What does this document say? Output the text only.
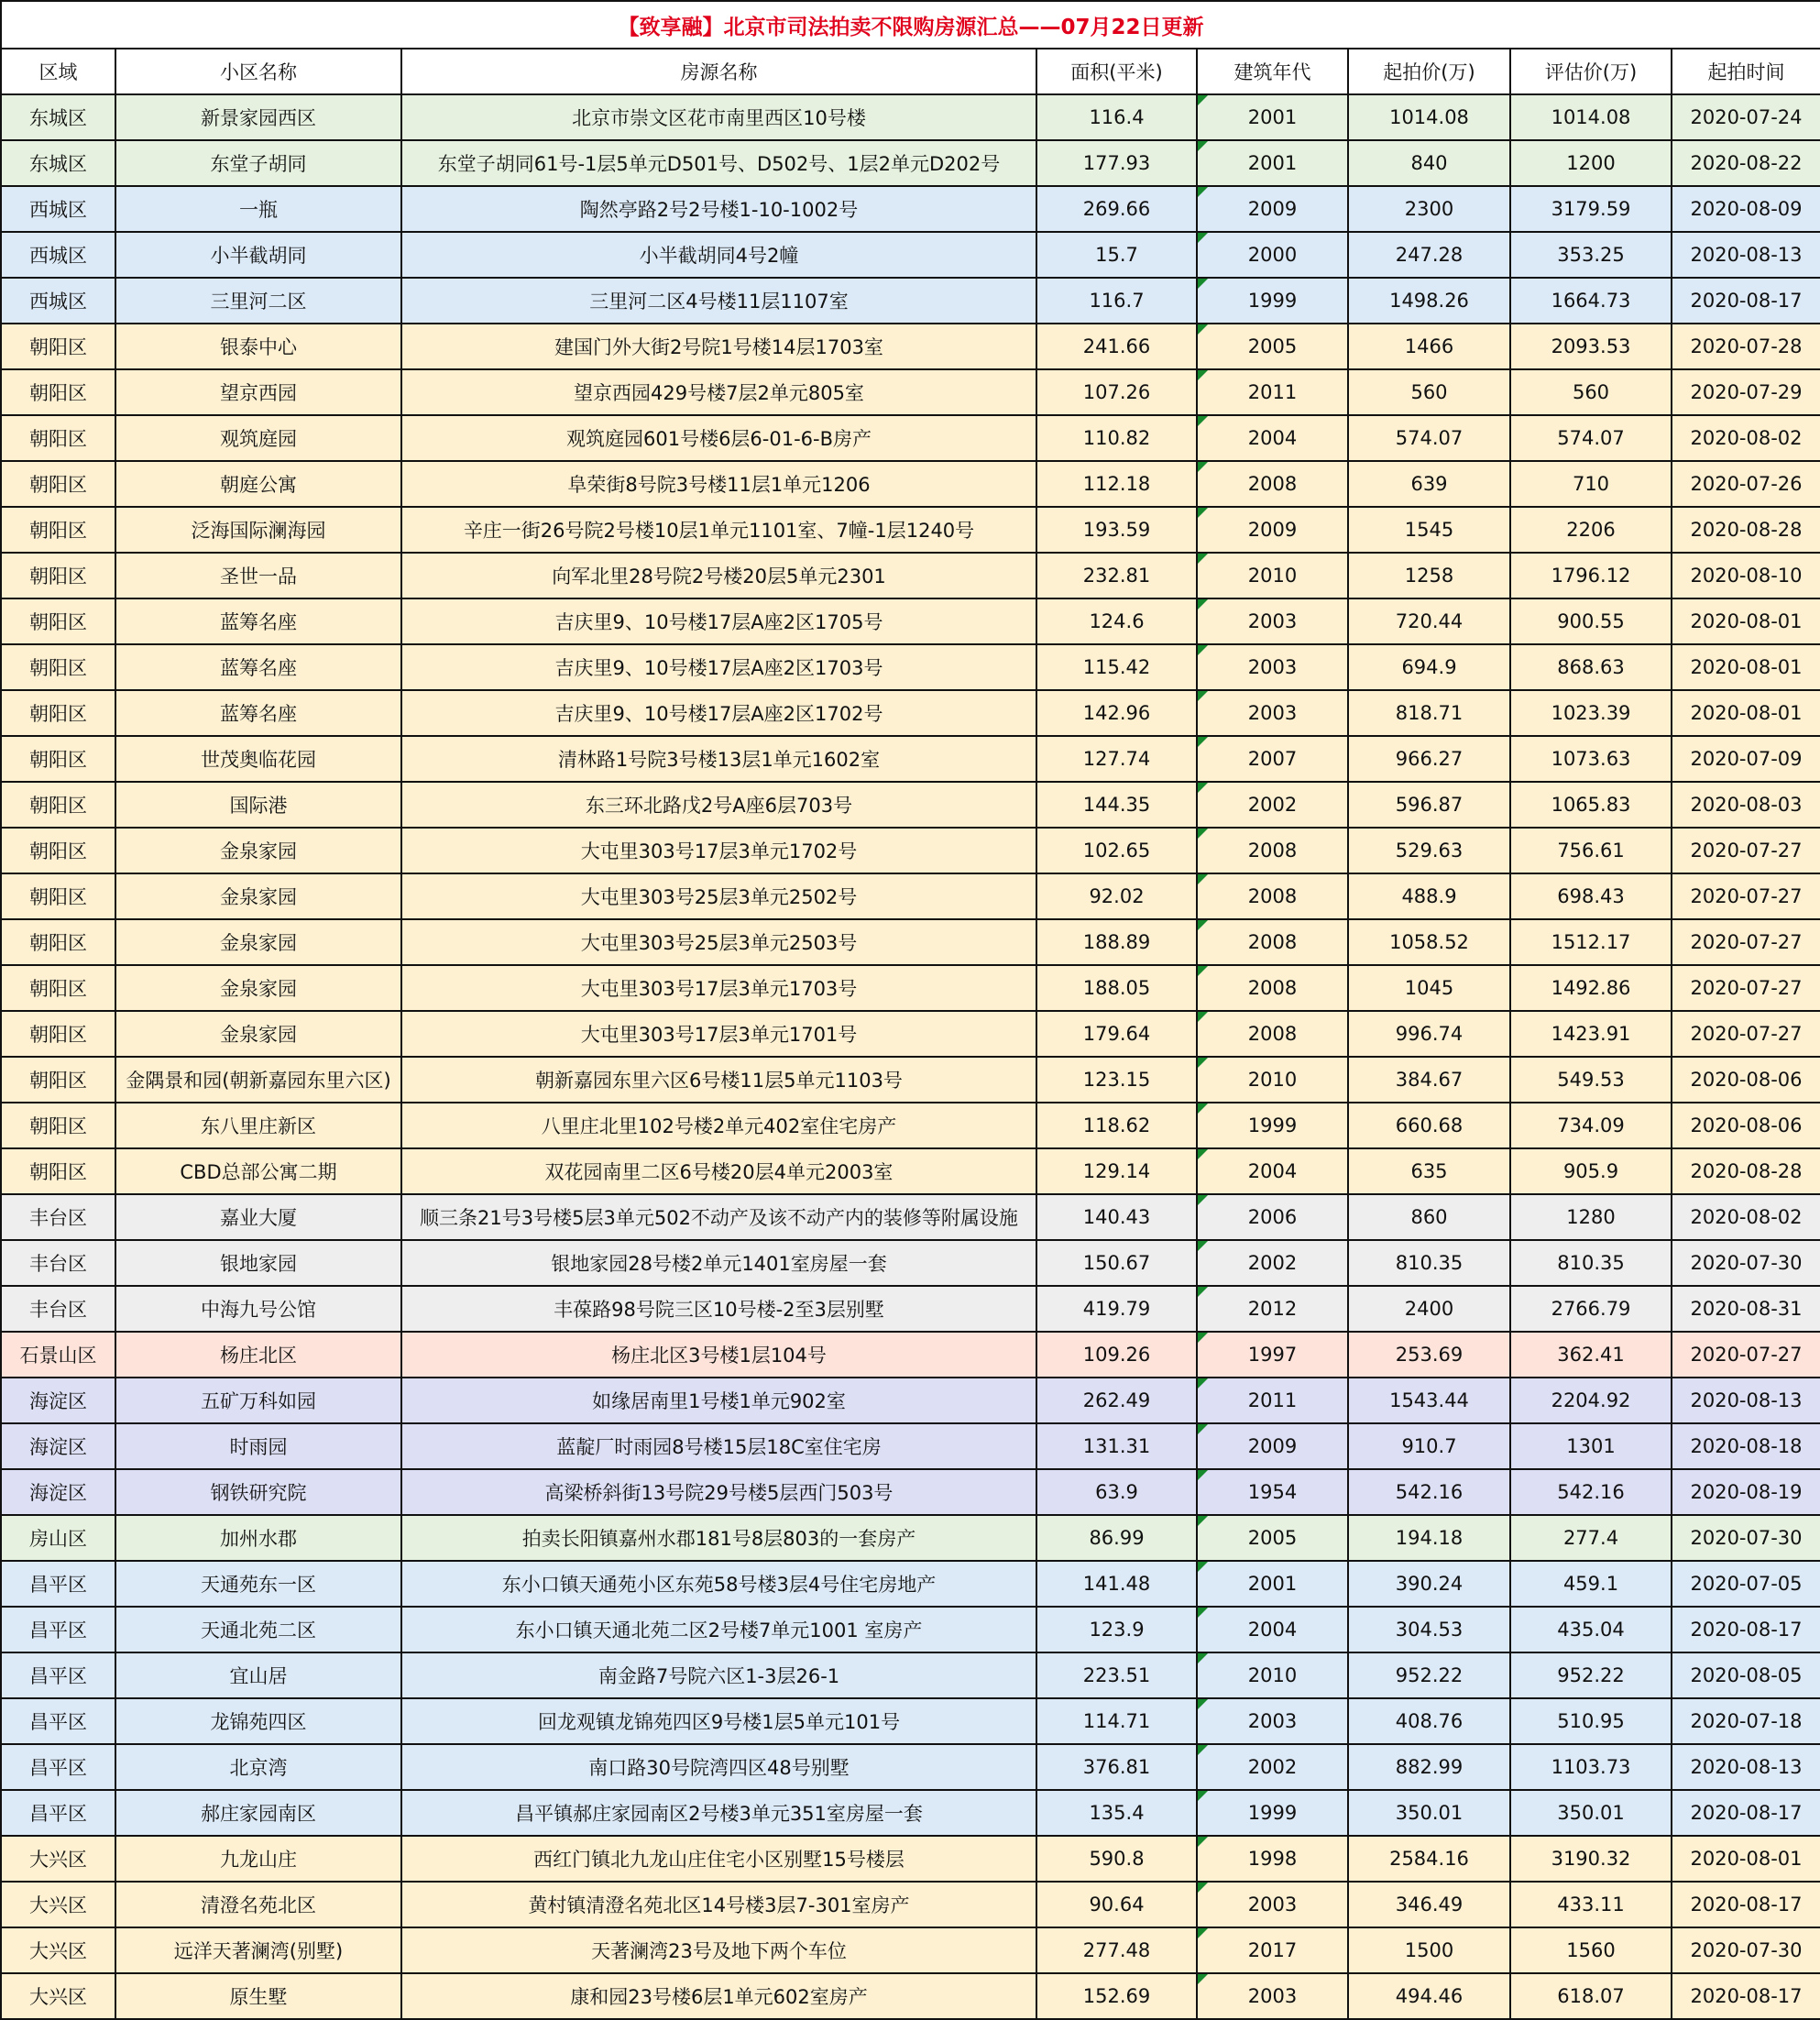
【致享融】北京市司法拍卖不限购房源汇总——07月22日更新							
区域	小区名称	房源名称	面积(平米)	建筑年代	起拍价(万)	评估价(万)	起拍时间
东城区	新景家园西区	北京市崇文区花市南里西区10号楼	116.4	2001	1014.08	1014.08	2020-07-24
东城区	东堂子胡同	东堂子胡同61号-1层5单元D501号、D502号、1层2单元D202号	177.93	2001	840	1200	2020-08-22
西城区	一瓶	陶然亭路2号2号楼1-10-1002号	269.66	2009	2300	3179.59	2020-08-09
西城区	小半截胡同	小半截胡同4号2幢	15.7	2000	247.28	353.25	2020-08-13
西城区	三里河二区	三里河二区4号楼11层1107室	116.7	1999	1498.26	1664.73	2020-08-17
朝阳区	银泰中心	建国门外大街2号院1号楼14层1703室	241.66	2005	1466	2093.53	2020-07-28
朝阳区	望京西园	望京西园429号楼7层2单元805室	107.26	2011	560	560	2020-07-29
朝阳区	观筑庭园	观筑庭园601号楼6层6-01-6-B房产	110.82	2004	574.07	574.07	2020-08-02
朝阳区	朝庭公寓	阜荣街8号院3号楼11层1单元1206	112.18	2008	639	710	2020-07-26
朝阳区	泛海国际澜海园	辛庄一街26号院2号楼10层1单元1101室、7幢-1层1240号	193.59	2009	1545	2206	2020-08-28
朝阳区	圣世一品	向军北里28号院2号楼20层5单元2301	232.81	2010	1258	1796.12	2020-08-10
朝阳区	蓝筹名座	吉庆里9、10号楼17层A座2区1705号	124.6	2003	720.44	900.55	2020-08-01
朝阳区	蓝筹名座	吉庆里9、10号楼17层A座2区1703号	115.42	2003	694.9	868.63	2020-08-01
朝阳区	蓝筹名座	吉庆里9、10号楼17层A座2区1702号	142.96	2003	818.71	1023.39	2020-08-01
朝阳区	世茂奥临花园	清林路1号院3号楼13层1单元1602室	127.74	2007	966.27	1073.63	2020-07-09
朝阳区	国际港	东三环北路戊2号A座6层703号	144.35	2002	596.87	1065.83	2020-08-03
朝阳区	金泉家园	大屯里303号17层3单元1702号	102.65	2008	529.63	756.61	2020-07-27
朝阳区	金泉家园	大屯里303号25层3单元2502号	92.02	2008	488.9	698.43	2020-07-27
朝阳区	金泉家园	大屯里303号25层3单元2503号	188.89	2008	1058.52	1512.17	2020-07-27
朝阳区	金泉家园	大屯里303号17层3单元1703号	188.05	2008	1045	1492.86	2020-07-27
朝阳区	金泉家园	大屯里303号17层3单元1701号	179.64	2008	996.74	1423.91	2020-07-27
朝阳区	金隅景和园(朝新嘉园东里六区)	朝新嘉园东里六区6号楼11层5单元1103号	123.15	2010	384.67	549.53	2020-08-06
朝阳区	东八里庄新区	八里庄北里102号楼2单元402室住宅房产	118.62	1999	660.68	734.09	2020-08-06
朝阳区	CBD总部公寓二期	双花园南里二区6号楼20层4单元2003室	129.14	2004	635	905.9	2020-08-28
丰台区	嘉业大厦	顺三条21号3号楼5层3单元502不动产及该不动产内的装修等附属设施	140.43	2006	860	1280	2020-08-02
丰台区	银地家园	银地家园28号楼2单元1401室房屋一套	150.67	2002	810.35	810.35	2020-07-30
丰台区	中海九号公馆	丰葆路98号院三区10号楼-2至3层别墅	419.79	2012	2400	2766.79	2020-08-31
石景山区	杨庄北区	杨庄北区3号楼1层104号	109.26	1997	253.69	362.41	2020-07-27
海淀区	五矿万科如园	如缘居南里1号楼1单元902室	262.49	2011	1543.44	2204.92	2020-08-13
海淀区	时雨园	蓝靛厂时雨园8号楼15层18C室住宅房	131.31	2009	910.7	1301	2020-08-18
海淀区	钢铁研究院	高梁桥斜街13号院29号楼5层西门503号	63.9	1954	542.16	542.16	2020-08-19
房山区	加州水郡	拍卖长阳镇嘉州水郡181号8层803的一套房产	86.99	2005	194.18	277.4	2020-07-30
昌平区	天通苑东一区	东小口镇天通苑小区东苑58号楼3层4号住宅房地产	141.48	2001	390.24	459.1	2020-07-05
昌平区	天通北苑二区	东小口镇天通北苑二区2号楼7单元1001 室房产	123.9	2004	304.53	435.04	2020-08-17
昌平区	宜山居	南金路7号院六区1-3层26-1	223.51	2010	952.22	952.22	2020-08-05
昌平区	龙锦苑四区	回龙观镇龙锦苑四区9号楼1层5单元101号	114.71	2003	408.76	510.95	2020-07-18
昌平区	北京湾	南口路30号院湾四区48号别墅	376.81	2002	882.99	1103.73	2020-08-13
昌平区	郝庄家园南区	昌平镇郝庄家园南区2号楼3单元351室房屋一套	135.4	1999	350.01	350.01	2020-08-17
大兴区	九龙山庄	西红门镇北九龙山庄住宅小区别墅15号楼层	590.8	1998	2584.16	3190.32	2020-08-01
大兴区	清澄名苑北区	黄村镇清澄名苑北区14号楼3层7-301室房产	90.64	2003	346.49	433.11	2020-08-17
大兴区	远洋天著澜湾(别墅)	天著澜湾23号及地下两个车位	277.48	2017	1500	1560	2020-07-30
大兴区	原生墅	康和园23号楼6层1单元602室房产	152.69	2003	494.46	618.07	2020-08-17
